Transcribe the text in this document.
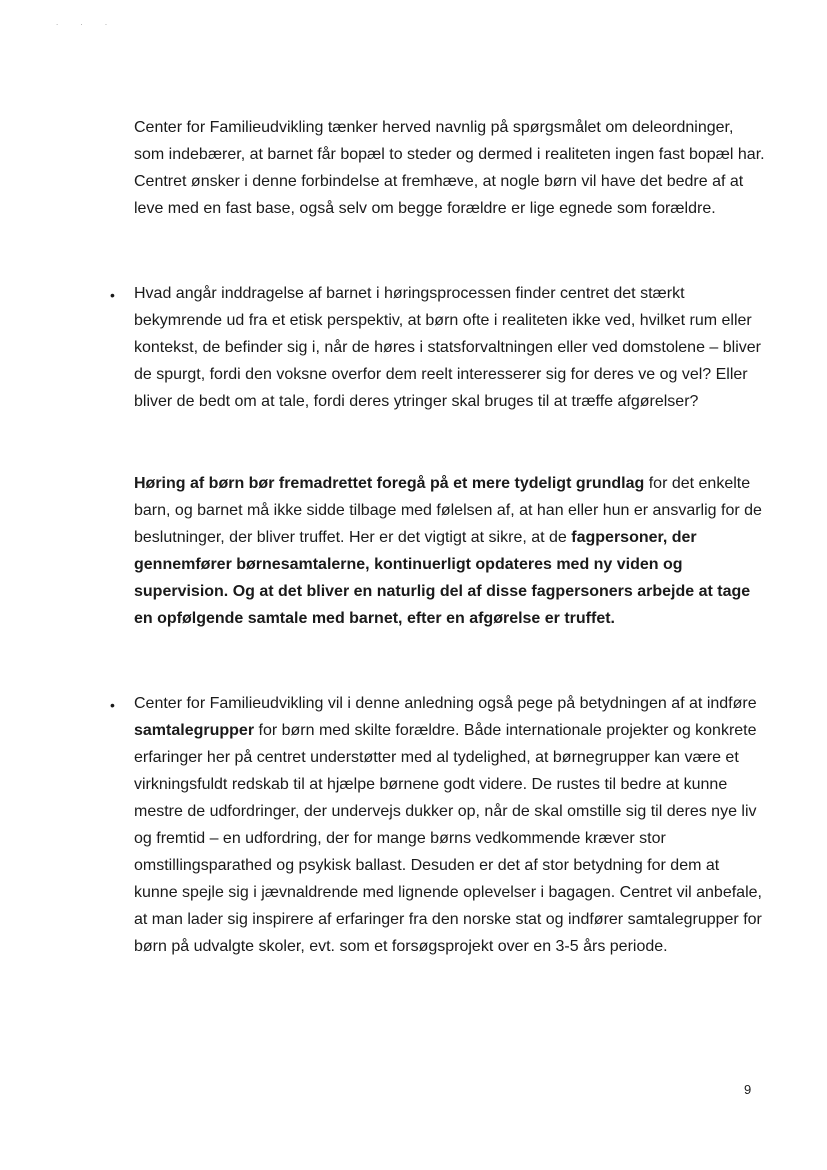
. . .

Center for Familieudvikling tænker herved navnlig på spørgsmålet om deleordninger, som indebærer, at barnet får bopæl to steder og dermed i realiteten ingen fast bopæl har. Centret ønsker i denne forbindelse at fremhæve, at nogle børn vil have det bedre af at leve med en fast base, også selv om begge forældre er lige egnede som forældre.

•	Hvad angår inddragelse af barnet i høringsprocessen finder centret det stærkt bekymrende ud fra et etisk perspektiv, at børn ofte i realiteten ikke ved, hvilket rum eller kontekst, de befinder sig i, når de høres i statsforvaltningen eller ved domstolene – bliver de spurgt, fordi den voksne overfor dem reelt interesserer sig for deres ve og vel? Eller bliver de bedt om at tale, fordi deres ytringer skal bruges til at træffe afgørelser?

Høring af børn bør fremadrettet foregå på et mere tydeligt grundlag for det enkelte barn, og barnet må ikke sidde tilbage med følelsen af, at han eller hun er ansvarlig for de beslutninger, der bliver truffet. Her er det vigtigt at sikre, at de fagpersoner, der gennemfører børnesamtalerne, kontinuerligt opdateres med ny viden og supervision. Og at det bliver en naturlig del af disse fagpersoners arbejde at tage en opfølgende samtale med barnet, efter en afgørelse er truffet.

•	Center for Familieudvikling vil i denne anledning også pege på betydningen af at indføre samtalegrupper for børn med skilte forældre. Både internationale projekter og konkrete erfaringer her på centret understøtter med al tydelighed, at børnegrupper kan være et virkningsfuldt redskab til at hjælpe børnene godt videre. De rustes til bedre at kunne mestre de udfordringer, der undervejs dukker op, når de skal omstille sig til deres nye liv og fremtid – en udfordring, der for mange børns vedkommende kræver stor omstillingsparathed og psykisk ballast. Desuden er det af stor betydning for dem at kunne spejle sig i jævnaldrende med lignende oplevelser i bagagen. Centret vil anbefale, at man lader sig inspirere af erfaringer fra den norske stat og indfører samtalegrupper for børn på udvalgte skoler, evt. som et forsøgsprojekt over en 3-5 års periode.

9
